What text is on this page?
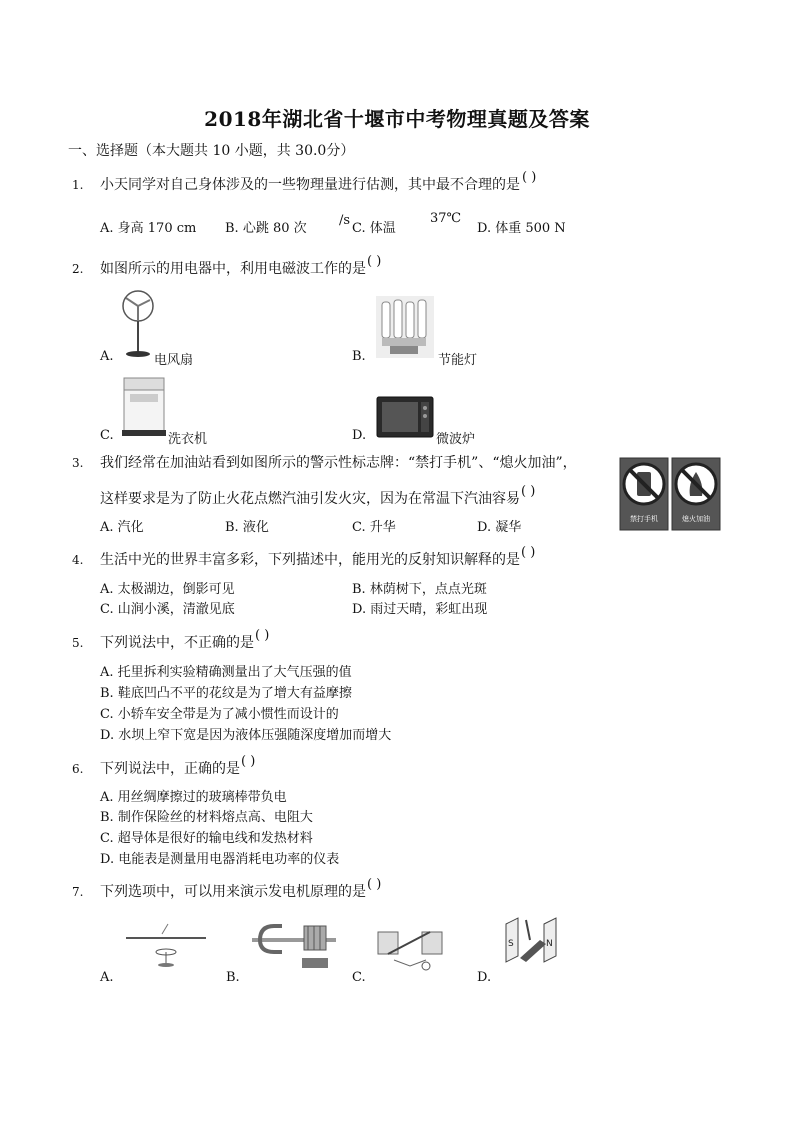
2018年湖北省十堰市中考物理真题及答案
一、选择题（本大题共 10 小题，共 30.0分）
1. 小天同学对自己身体涉及的一些物理量进行估测，其中最不合理的是 ( )
A. 身高 170 cm B. 心跳 80 次
/s
C. 体温
37℃
D. 体重 500 N
2. 如图所示的用电器中，利用电磁波工作的是 ( )
A.	电风扇	B.	节能灯
C.	洗衣机	D.	微波炉
3. 我们经常在加油站看到如图所示的警示性标志牌：“禁打手机”、“熄火加油”，
这样要求是为了防止火花点燃汽油引发火灾，因为在常温下汽油容易 ( )
A. 汽化	B. 液化	C. 升华	D. 凝华
禁打手机	熄火加油
4. 生活中光的世界丰富多彩，下列描述中，能用光的反射知识解释的是 ( )
A. 太极湖边，倒影可见	B. 林荫树下，点点光斑
C. 山涧小溪，清澈见底	D. 雨过天晴，彩虹出现
5. 下列说法中，不正确的是 ( )
A. 托里拆利实验精确测量出了大气压强的值
B. 鞋底凹凸不平的花纹是为了增大有益摩擦
C. 小轿车安全带是为了减小惯性而设计的
D. 水坝上窄下宽是因为液体压强随深度增加而增大
6. 下列说法中，正确的是 ( )
A. 用丝绸摩擦过的玻璃棒带负电
B. 制作保险丝的材料熔点高、电阻大
C. 超导体是很好的输电线和发热材料
D. 电能表是测量用电器消耗电功率的仪表
7. 下列选项中，可以用来演示发电机原理的是 ( )
A.	B.	C.	D.
S	N
